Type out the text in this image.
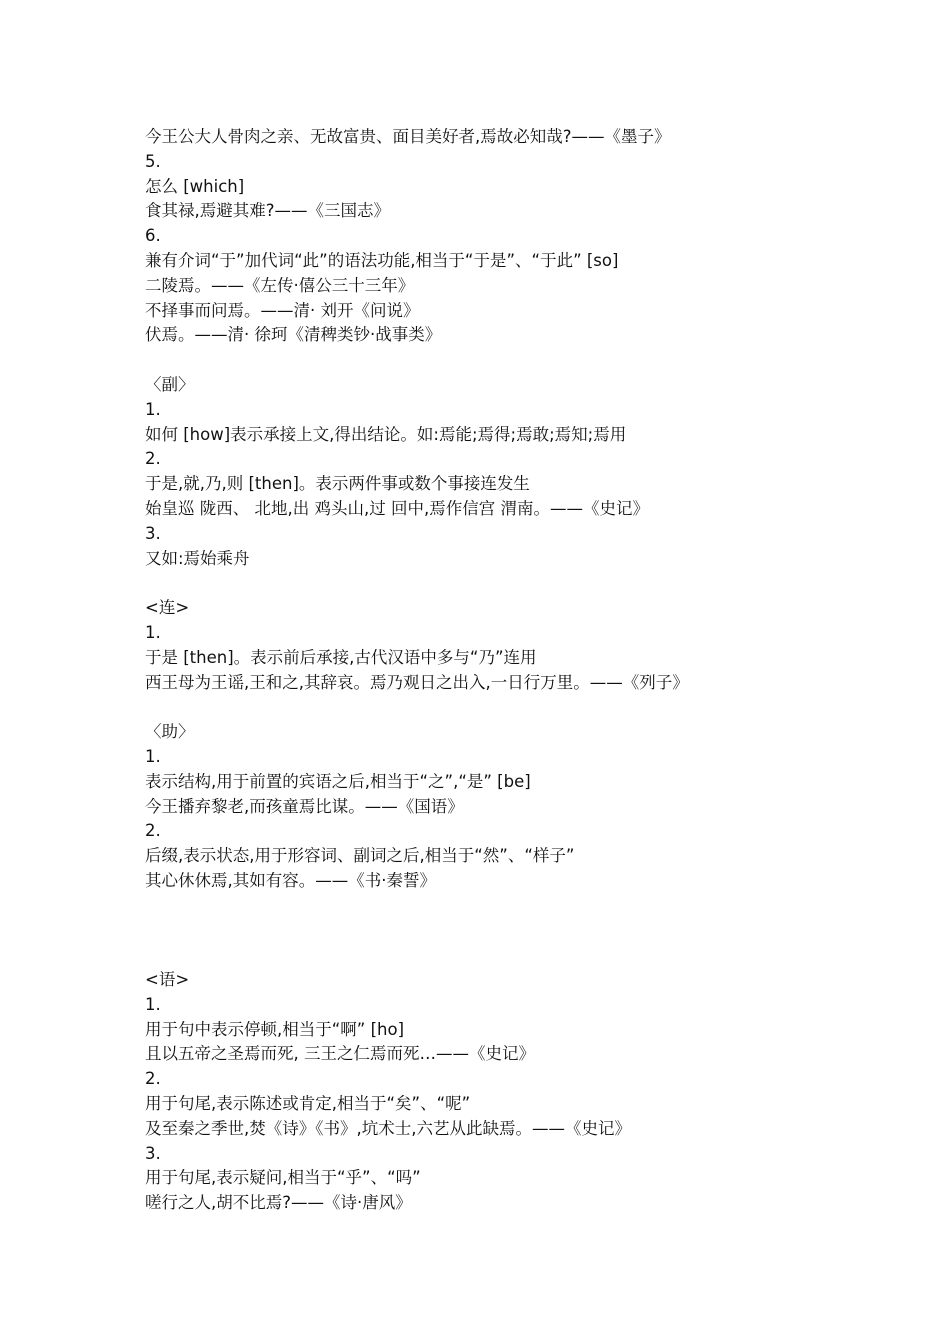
今王公大人骨肉之亲、无故富贵、面目美好者,焉故必知哉?——《墨子》
5.
怎么 [which]
食其禄,焉避其难?——《三国志》
6.
兼有介词“于”加代词“此”的语法功能,相当于“于是”、“于此” [so]
二陵焉。——《左传·僖公三十三年》
不择事而问焉。——清· 刘开《问说》
伏焉。——清· 徐珂《清稗类钞·战事类》
〈副〉
1.
如何 [how]表示承接上文,得出结论。如:焉能;焉得;焉敢;焉知;焉用
2.
于是,就,乃,则 [then]。表示两件事或数个事接连发生
始皇巡 陇西、 北地,出 鸡头山,过 回中,焉作信宫 渭南。——《史记》
3.
又如:焉始乘舟
<连>
1.
于是 [then]。表示前后承接,古代汉语中多与“乃”连用
西王母为王谣,王和之,其辞哀。焉乃观日之出入,一日行万里。——《列子》
〈助〉
1.
表示结构,用于前置的宾语之后,相当于“之”,“是” [be]
今王播弃黎老,而孩童焉比谋。——《国语》
2.
后缀,表示状态,用于形容词、副词之后,相当于“然”、“样子”
其心休休焉,其如有容。——《书·秦誓》
<语>
1.
用于句中表示停顿,相当于“啊” [ho]
且以五帝之圣焉而死, 三王之仁焉而死…——《史记》
2.
用于句尾,表示陈述或肯定,相当于“矣”、“呢”
及至秦之季世,焚《诗》《书》,坑术士,六艺从此缺焉。——《史记》
3.
用于句尾,表示疑问,相当于“乎”、“吗”
嗟行之人,胡不比焉?——《诗·唐风》
